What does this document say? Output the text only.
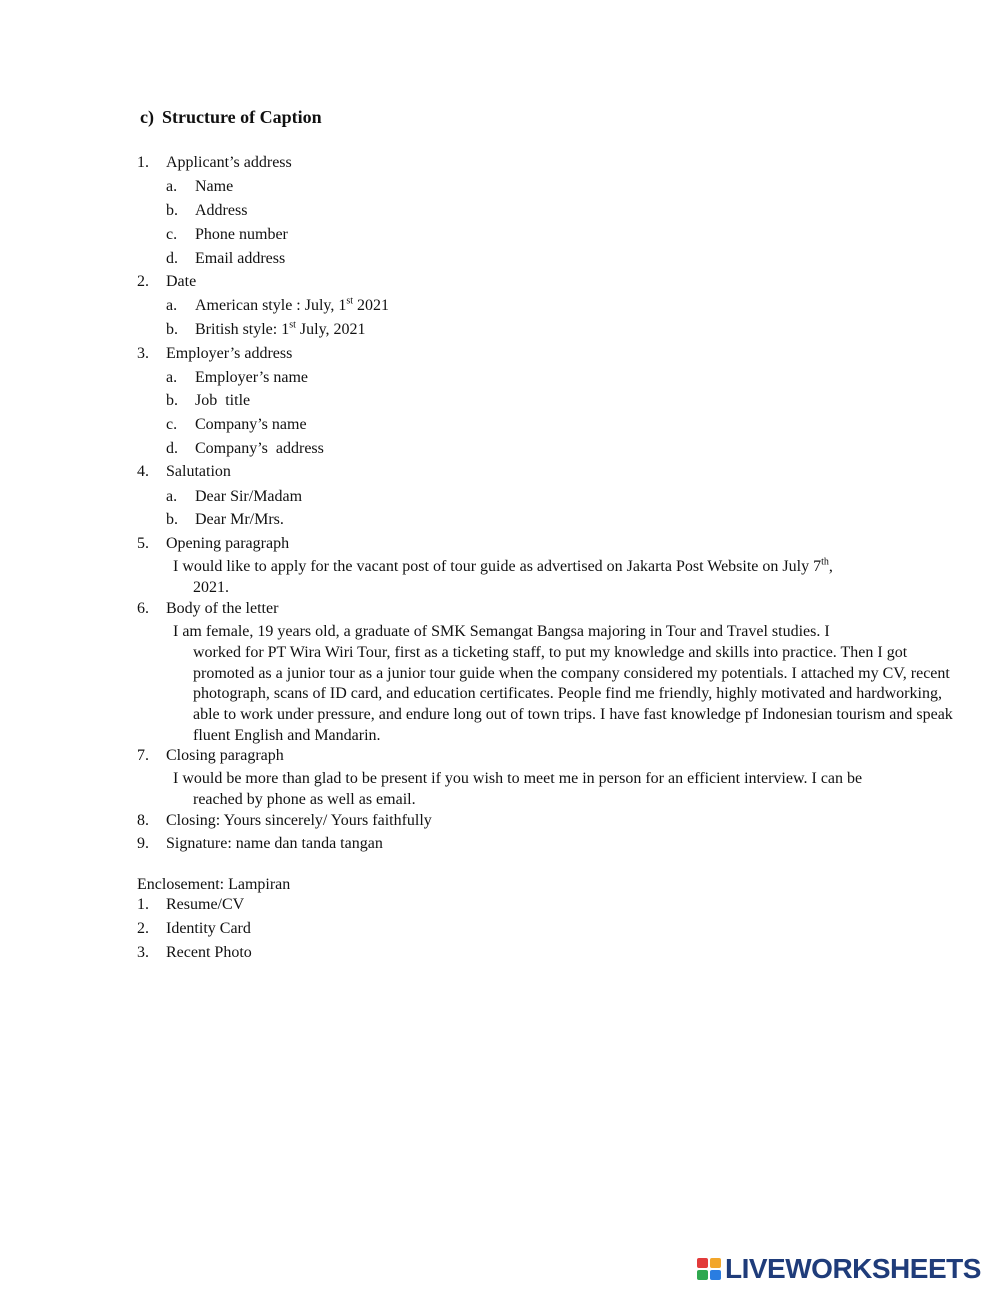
c) Structure of Caption
1.	Applicant’s address
a.	Name
b.	Address
c.	Phone number
d.	Email address
2.	Date
a.	American style : July, 1st 2021
b.	British style: 1st July, 2021
3.	Employer’s address
a.	Employer’s name
b.	Job  title
c.	Company’s name
d.	Company’s  address
4.	Salutation
a.	Dear Sir/Madam
b.	Dear Mr/Mrs.
5.	Opening paragraph
I would like to apply for the vacant post of tour guide as advertised on Jakarta Post Website on July 7th,
2021.
6.	Body of the letter
I am female, 19 years old, a graduate of SMK Semangat Bangsa majoring in Tour and Travel studies. I
worked for PT Wira Wiri Tour, first as a ticketing staff, to put my knowledge and skills into practice. Then I got promoted as a junior tour as a junior tour guide when the company considered my potentials. I attached my CV, recent photograph, scans of ID card, and education certificates. People find me friendly, highly motivated and hardworking, able to work under pressure, and endure long out of town trips. I have fast knowledge pf Indonesian tourism and speak fluent English and Mandarin.
7.	Closing paragraph
I would be more than glad to be present if you wish to meet me in person for an efficient interview. I can be
reached by phone as well as email.
8.	Closing: Yours sincerely/ Yours faithfully
9.	Signature: name dan tanda tangan
Enclosement: Lampiran
1.	Resume/CV
2.	Identity Card
3.	Recent Photo
LIVEWORKSHEETS
